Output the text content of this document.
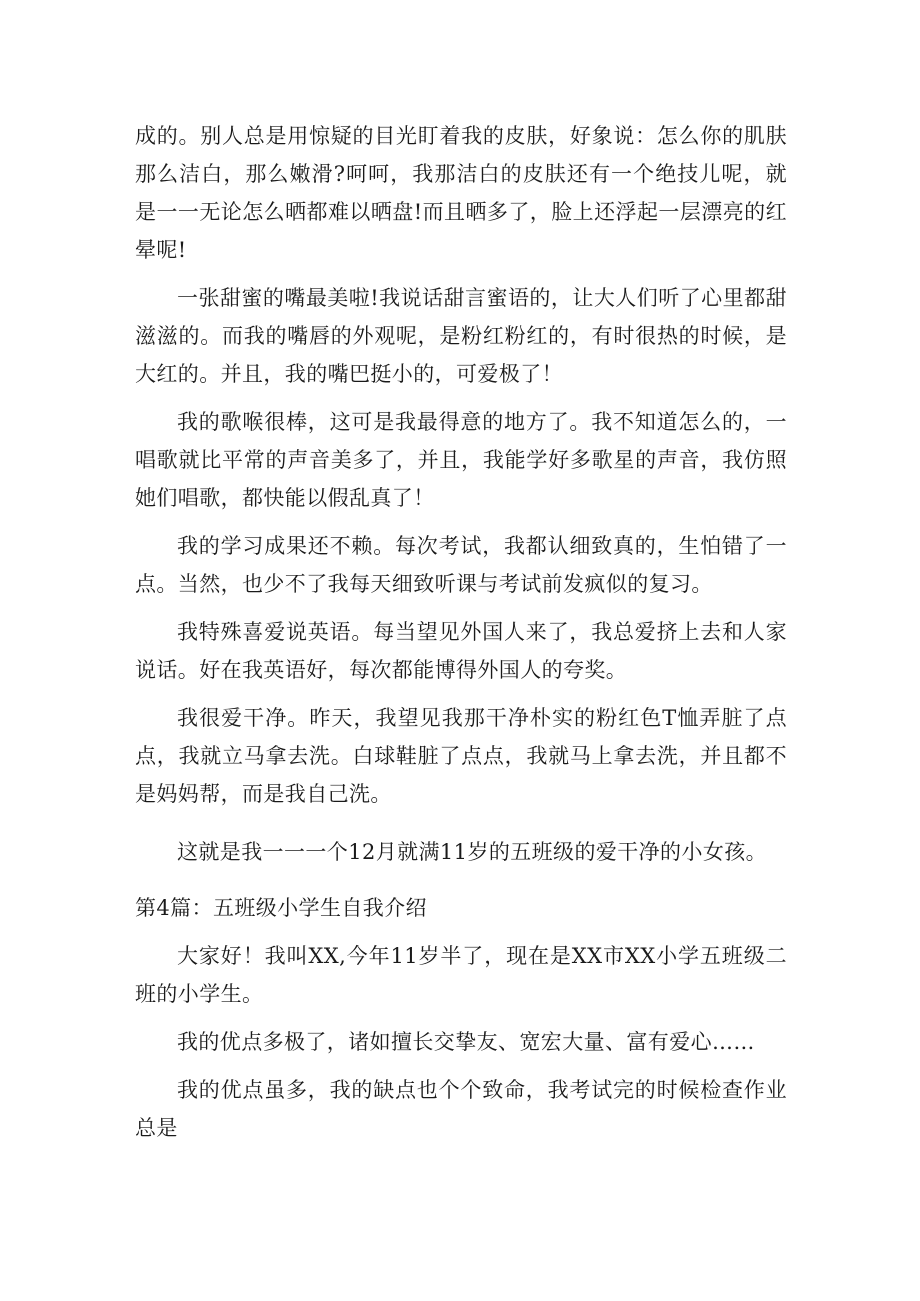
成的。别人总是用惊疑的目光盯着我的皮肤，好象说：怎么你的肌肤那么洁白，那么嫩滑?呵呵，我那洁白的皮肤还有一个绝技儿呢，就是一一无论怎么晒都难以晒盘!而且晒多了，脸上还浮起一层漂亮的红晕呢!

一张甜蜜的嘴最美啦!我说话甜言蜜语的，让大人们听了心里都甜滋滋的。而我的嘴唇的外观呢，是粉红粉红的，有时很热的时候，是大红的。并且，我的嘴巴挺小的，可爱极了！

我的歌喉很棒，这可是我最得意的地方了。我不知道怎么的，一唱歌就比平常的声音美多了，并且，我能学好多歌星的声音，我仿照她们唱歌，都快能以假乱真了！

我的学习成果还不赖。每次考试，我都认细致真的，生怕错了一点。当然，也少不了我每天细致听课与考试前发疯似的复习。

我特殊喜爱说英语。每当望见外国人来了，我总爱挤上去和人家说话。好在我英语好，每次都能博得外国人的夸奖。

我很爱干净。昨天，我望见我那干净朴实的粉红色T恤弄脏了点点，我就立马拿去洗。白球鞋脏了点点，我就马上拿去洗，并且都不是妈妈帮，而是我自己洗。

这就是我一一一个12月就满11岁的五班级的爱干净的小女孩。

第4篇：五班级小学生自我介绍

大家好！我叫XX,今年11岁半了，现在是XX市XX小学五班级二班的小学生。

我的优点多极了，诸如擅长交挚友、宽宏大量、富有爱心……

我的优点虽多，我的缺点也个个致命，我考试完的时候检查作业总是
